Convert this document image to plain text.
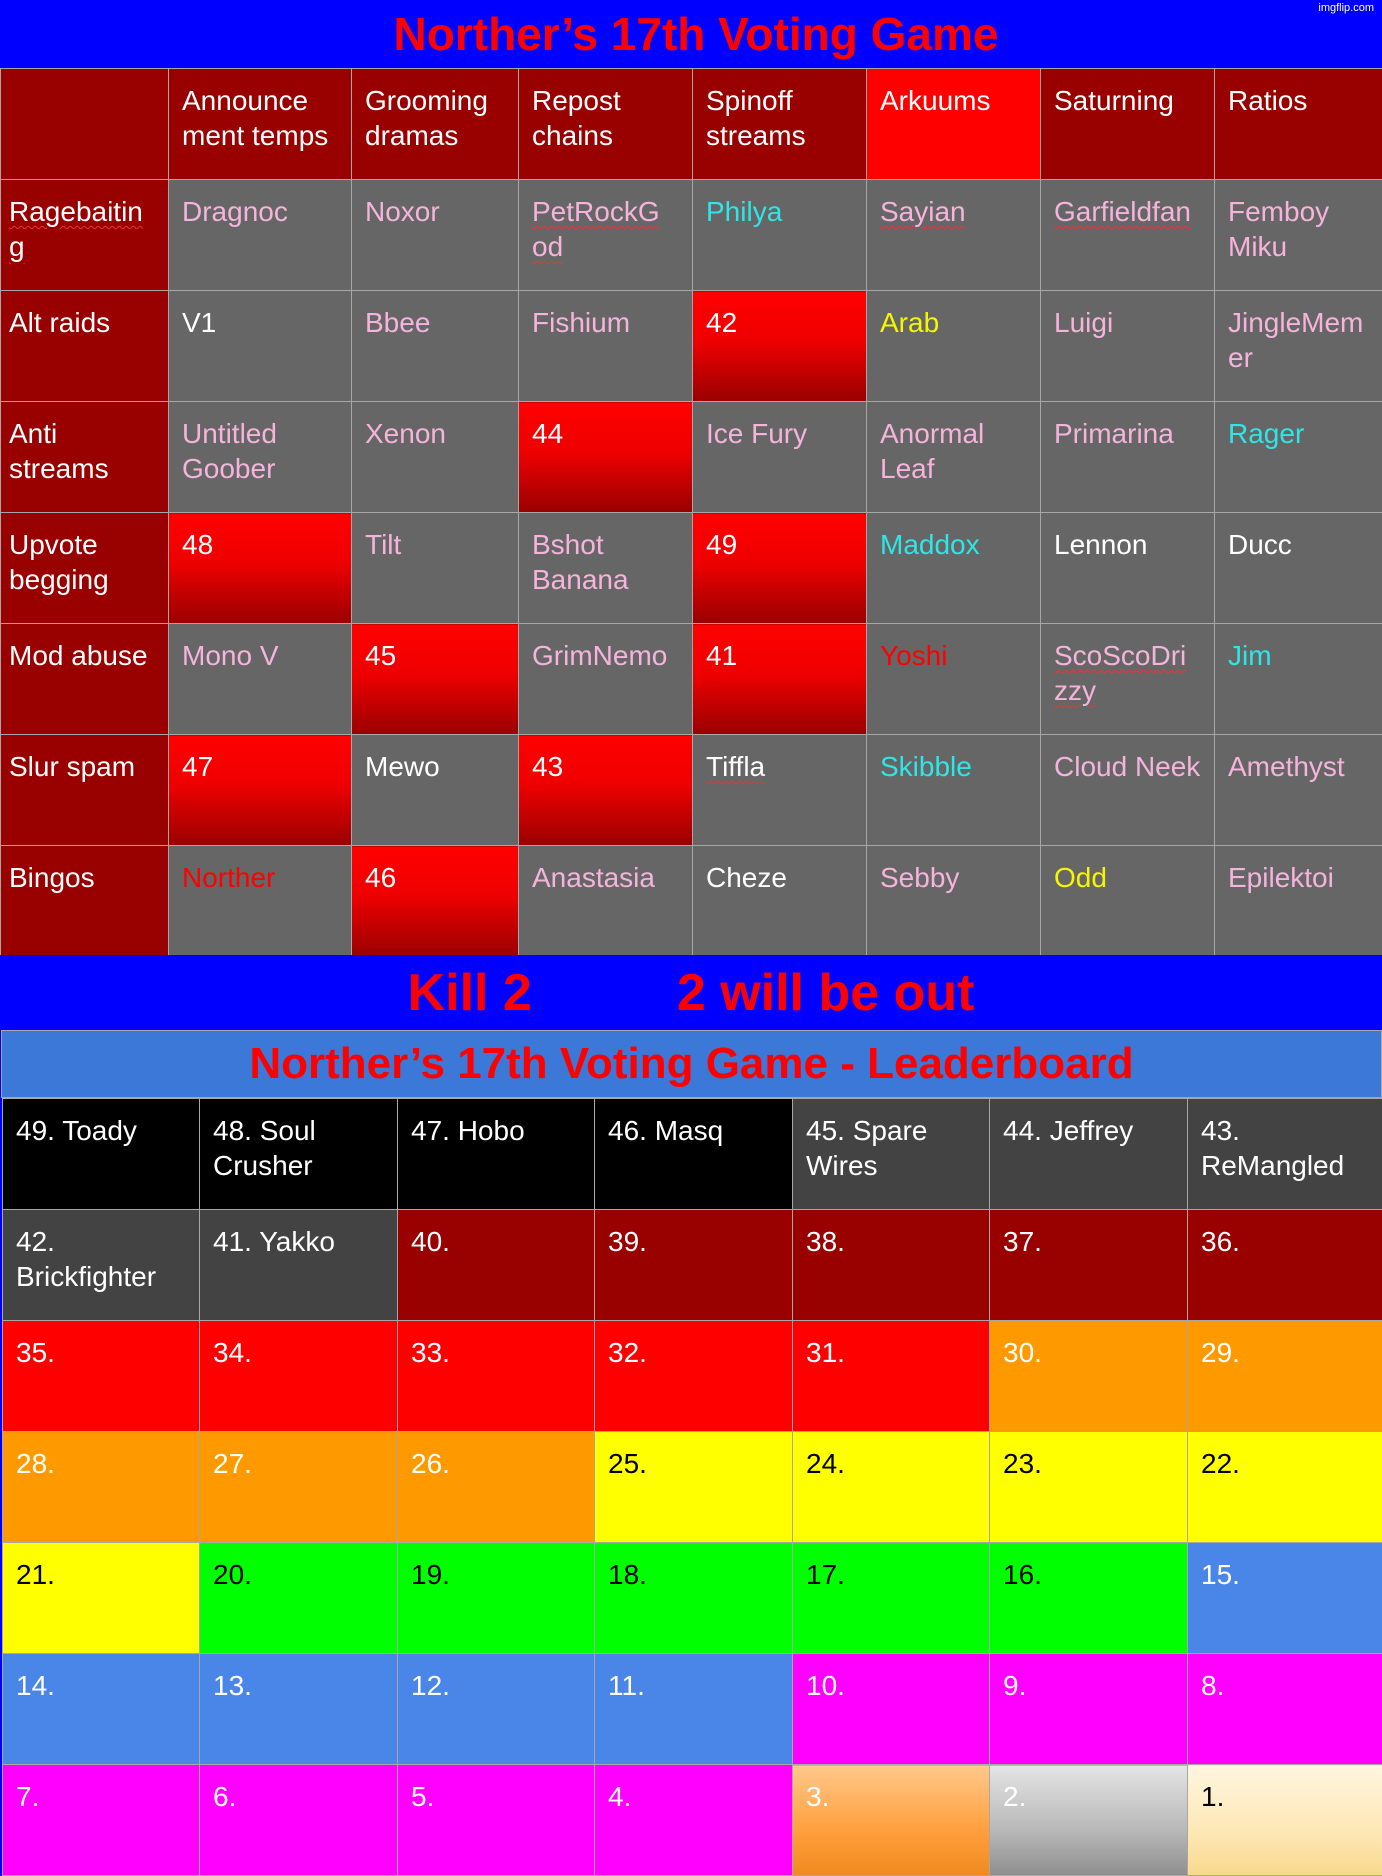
Norther’s 17th Voting Game	imgflip.com
	Announce ment temps	Grooming dramas	Repost chains	Spinoff streams	Arkuums	Saturning	Ratios
Ragebaitin g	Dragnoc	Noxor	PetRockG od	Philya	Sayian	Garfieldfan	Femboy Miku
Alt raids	V1	Bbee	Fishium	42	Arab	Luigi	JingleMem er
Anti streams	Untitled Goober	Xenon	44	Ice Fury	Anormal Leaf	Primarina	Rager
Upvote begging	48	Tilt	Bshot Banana	49	Maddox	Lennon	Ducc
Mod abuse	Mono V	45	GrimNemo	41	Yoshi	ScoScoDri zzy	Jim
Slur spam	47	Mewo	43	Tiffla	Skibble	Cloud Neek	Amethyst
Bingos	Norther	46	Anastasia	Cheze	Sebby	Odd	Epilektoi
Kill 2	2 will be out
Norther’s 17th Voting Game - Leaderboard
49. Toady	48. Soul Crusher	47. Hobo	46. Masq	45. Spare Wires	44. Jeffrey	43. ReMangled
42. Brickfighter	41. Yakko	40.	39.	38.	37.	36.
35.	34.	33.	32.	31.	30.	29.
28.	27.	26.	25.	24.	23.	22.
21.	20.	19.	18.	17.	16.	15.
14.	13.	12.	11.	10.	9.	8.
7.	6.	5.	4.	3.	2.	1.
